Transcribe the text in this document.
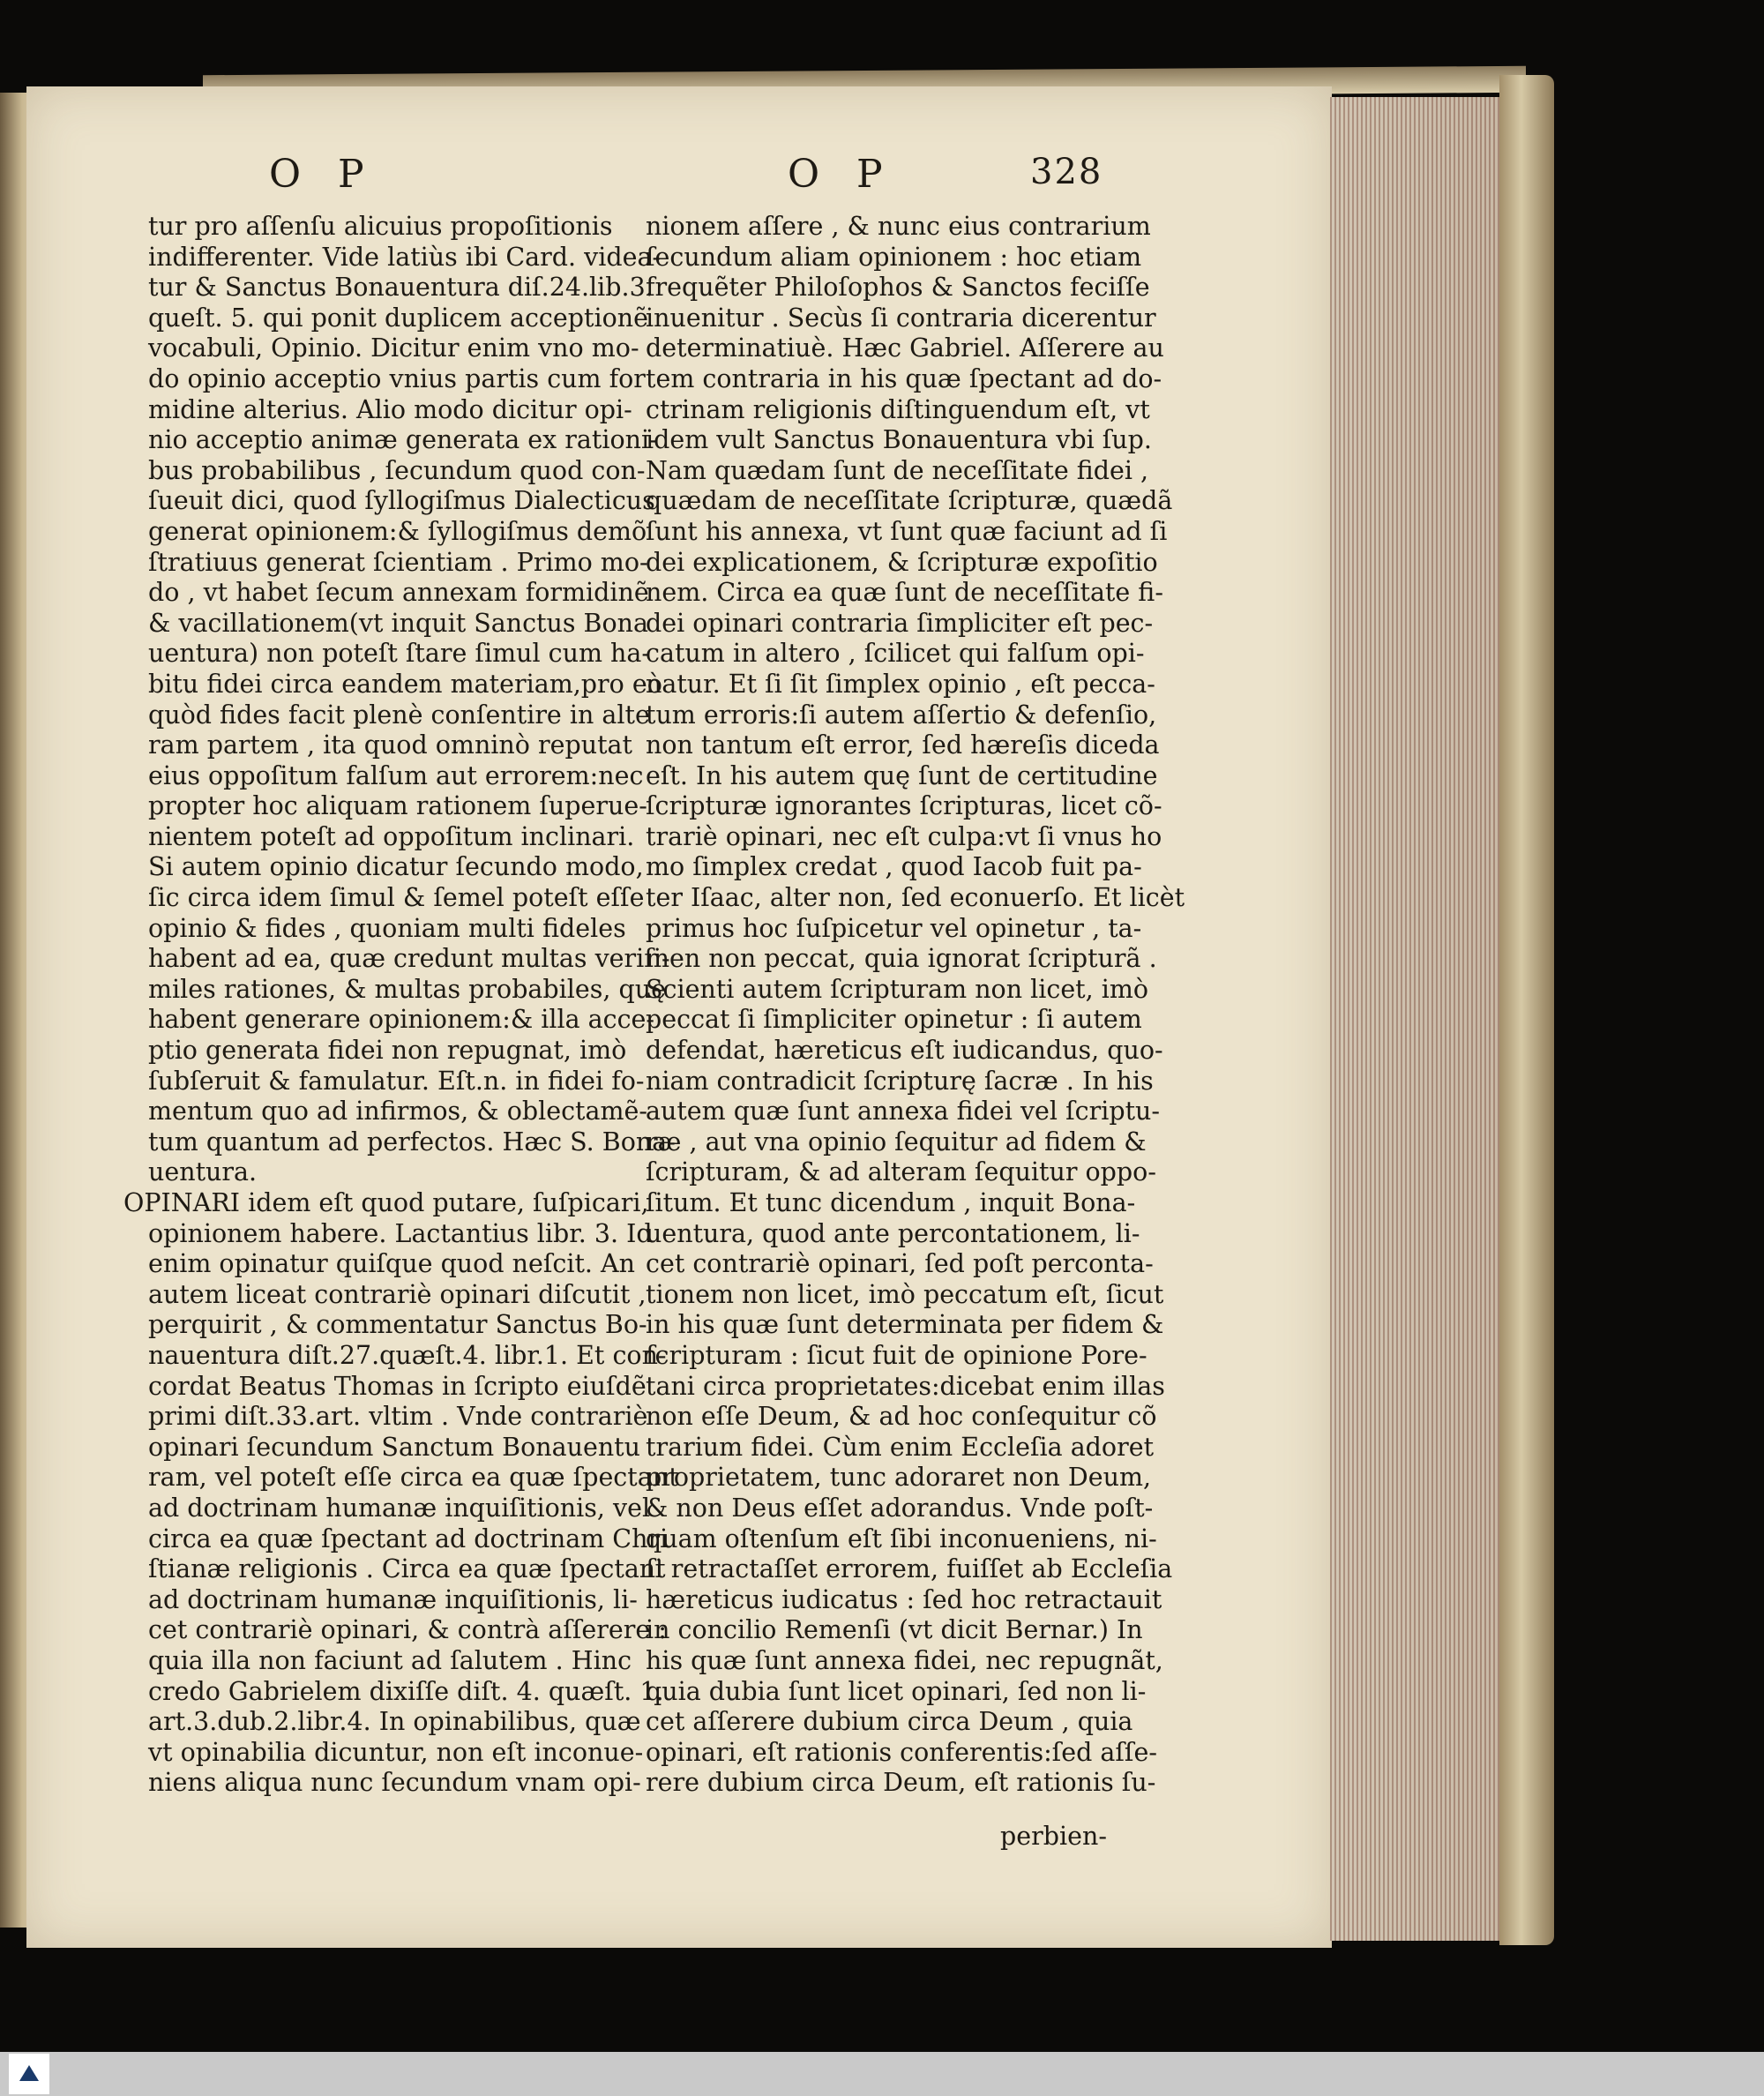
O P	O P	328
tur pro aſſenſu alicuius propoſitionis
indifferenter. Vide latiùs ibi Card. videa-
tur & Sanctus Bonauentura diſ.24.lib.3.
queſt. 5. qui ponit duplicem acceptionẽ
vocabuli, Opinio. Dicitur enim vno mo-
do opinio acceptio vnius partis cum for
midine alterius. Alio modo dicitur opi-
nio acceptio animæ generata ex rationi-
bus probabilibus , ſecundum quod con-
ſueuit dici, quod ſyllogiſmus Dialecticus
generat opinionem:& ſyllogiſmus demõ
ſtratiuus generat ſcientiam . Primo mo-
do , vt habet ſecum annexam formidinẽ
& vacillationem(vt inquit Sanctus Bona
uentura) non poteſt ſtare ſimul cum ha-
bitu fidei circa eandem materiam,pro eò
quòd fides facit plenè conſentire in alte
ram partem , ita quod omninò reputat
eius oppoſitum falſum aut errorem:nec
propter hoc aliquam rationem ſuperue-
nientem poteſt ad oppoſitum inclinari.
Si autem opinio dicatur ſecundo modo,
ſic circa idem ſimul & ſemel poteſt eſſe
opinio & fides , quoniam multi fideles
habent ad ea, quæ credunt multas veriſi-
miles rationes, & multas probabiles, quę
habent generare opinionem:& illa acce-
ptio generata fidei non repugnat, imò
ſubſeruit & famulatur. Eſt.n. in fidei fo-
mentum quo ad infirmos, & oblectamẽ-
tum quantum ad perfectos. Hæc S. Bona-
uentura.
OPINARI idem eſt quod putare, ſuſpicari,
opinionem habere. Lactantius libr. 3. Id
enim opinatur quiſque quod neſcit. An
autem liceat contrariè opinari diſcutit ,
perquirit , & commentatur Sanctus Bo-
nauentura diſt.27.quæſt.4. libr.1. Et con-
cordat Beatus Thomas in ſcripto eiuſdẽ
primi diſt.33.art. vltim . Vnde contrariè
opinari ſecundum Sanctum Bonauentu
ram, vel poteſt eſſe circa ea quæ ſpectant
ad doctrinam humanæ inquiſitionis, vel
circa ea quæ ſpectant ad doctrinam Chri
ſtianæ religionis . Circa ea quæ ſpectant
ad doctrinam humanæ inquiſitionis, li-
cet contrariè opinari, & contrà aſſerere :
quia illa non faciunt ad ſalutem . Hinc
credo Gabrielem dixiſſe diſt. 4. quæſt. 1.
art.3.dub.2.libr.4. In opinabilibus, quæ
vt opinabilia dicuntur, non eſt inconue-
niens aliqua nunc ſecundum vnam opi-
nionem aſſere , & nunc eius contrarium
ſecundum aliam opinionem : hoc etiam
frequẽter Philoſophos & Sanctos feciſſe
inuenitur . Secùs ſi contraria dicerentur
determinatiuè. Hæc Gabriel. Aſſerere au
tem contraria in his quæ ſpectant ad do-
ctrinam religionis diſtinguendum eſt, vt
idem vult Sanctus Bonauentura vbi ſup.
Nam quædam ſunt de neceſſitate fidei ,
quædam de neceſſitate ſcripturæ, quædã
ſunt his annexa, vt ſunt quæ faciunt ad ſi
dei explicationem, & ſcripturæ expoſitio
nem. Circa ea quæ ſunt de neceſſitate fi-
dei opinari contraria ſimpliciter eſt pec-
catum in altero , ſcilicet qui falſum opi-
natur. Et ſi ſit ſimplex opinio , eſt pecca-
tum erroris:ſi autem aſſertio & defenſio,
non tantum eſt error, ſed hæreſis diceda
eſt. In his autem quę ſunt de certitudine
ſcripturæ ignorantes ſcripturas, licet cõ-
trariè opinari, nec eſt culpa:vt ſi vnus ho
mo ſimplex credat , quod Iacob fuit pa-
ter Iſaac, alter non, ſed econuerſo. Et licèt
primus hoc ſuſpicetur vel opinetur , ta-
men non peccat, quia ignorat ſcripturã .
Scienti autem ſcripturam non licet, imò
peccat ſi ſimpliciter opinetur : ſi autem
defendat, hæreticus eſt iudicandus, quo-
niam contradicit ſcripturę ſacræ . In his
autem quæ ſunt annexa fidei vel ſcriptu-
ræ , aut vna opinio ſequitur ad fidem &
ſcripturam, & ad alteram ſequitur oppo-
ſitum. Et tunc dicendum , inquit Bona-
uentura, quod ante percontationem, li-
cet contrariè opinari, ſed poſt perconta-
tionem non licet, imò peccatum eſt, ſicut
in his quæ ſunt determinata per fidem &
ſcripturam : ſicut fuit de opinione Pore-
tani circa proprietates:dicebat enim illas
non eſſe Deum, & ad hoc conſequitur cõ
trarium fidei. Cùm enim Eccleſia adoret
proprietatem, tunc adoraret non Deum,
& non Deus eſſet adorandus. Vnde poſt-
quam oſtenſum eſt ſibi inconueniens, ni-
ſi retractaſſet errorem, fuiſſet ab Eccleſia
hæreticus iudicatus : ſed hoc retractauit
in concilio Remenſi (vt dicit Bernar.) In
his quæ ſunt annexa fidei, nec repugnãt,
quia dubia ſunt licet opinari, ſed non li-
cet aſſerere dubium circa Deum , quia
opinari, eſt rationis conferentis:ſed aſſe-
rere dubium circa Deum, eſt rationis ſu-
perbien-
